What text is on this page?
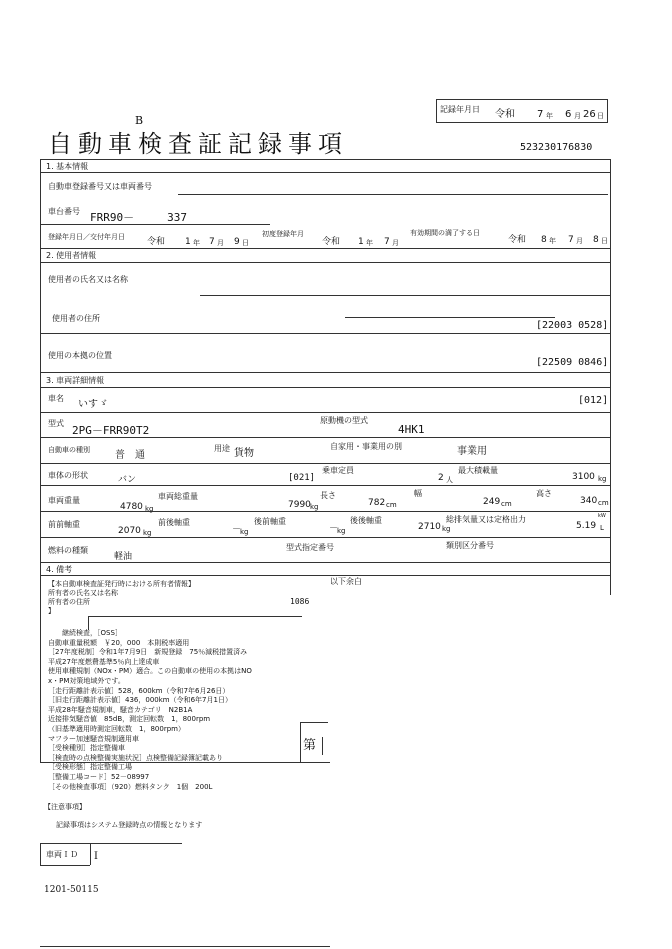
記録年月日 令和 7 年 6 月 26 日
B
自動車検査証記録事項	523230176830
1. 基本情報
自動車登録番号又は車両番号
車台番号 FRR90－　　　337
登録年月日／交付年月日 令和 1 年 7 月 9 日
初度登録年月
令和 1 年 7 月
有効期間の満了する日
令和 8 年 7 月 8 日
2. 使用者情報
使用者の氏名又は名称
使用者の住所
[22003 0528]
使用の本拠の位置
[22509 0846]
3. 車両詳細情報
車名
いすゞ	[012]
型式
2PG－FRR90T2
原動機の型式
4HK1
自動車の種別	普　通
用途 貨物
自家用・事業用の別	事業用
車体の形状	バン	[021]
乗車定員
2 人
最大積載量
3100 kg
車両重量
4780 kg
車両総重量
7990 kg
長さ
782 cm
幅
249 cm
高さ
340 cm
前前軸重
2070 kg
前後軸重
－
kg
後前軸重
－
kg
後後軸重
2710 kg
総排気量又は定格出力	kW
5.19 L
燃料の種類
軽油
型式指定番号	類別区分番号
4. 備考
【本自動車検査証発行時における所有者情報】
所有者の氏名又は名称
所有者の住所
】
以下余白
1086
　　継続検査，［OSS］
自動車重量税額　￥20，000　本則税率適用
［27年度税制］令和1年7月9日　新規登録　75％減税措置済み
平成27年度燃費基準5％向上達成車
使用車種規制（NOx・PM）適合。この自動車の使用の本拠はNO
x・PM対策地域外です。
［走行距離計表示値］528，600km（令和7年6月26日）
［旧走行距離計表示値］436，000km（令和6年7月1日）
平成28年騒音規制車，騒音カテゴリ　N2B1A
近接排気騒音値　85dB，測定回転数　1，800rpm
（旧基準適用時測定回転数　1，800rpm）
マフラー加速騒音規制適用車
［受検種別］指定整備車
［検査時の点検整備実施状況］点検整備記録簿記載あり
［受検形態］指定整備工場
［整備工場コード］52－08997
［その他検査事項］（920）燃料タンク　1個　200L
第
【注意事項】
記録事項はシステム登録時点の情報となります
車両ＩＤ I
1201-50115
